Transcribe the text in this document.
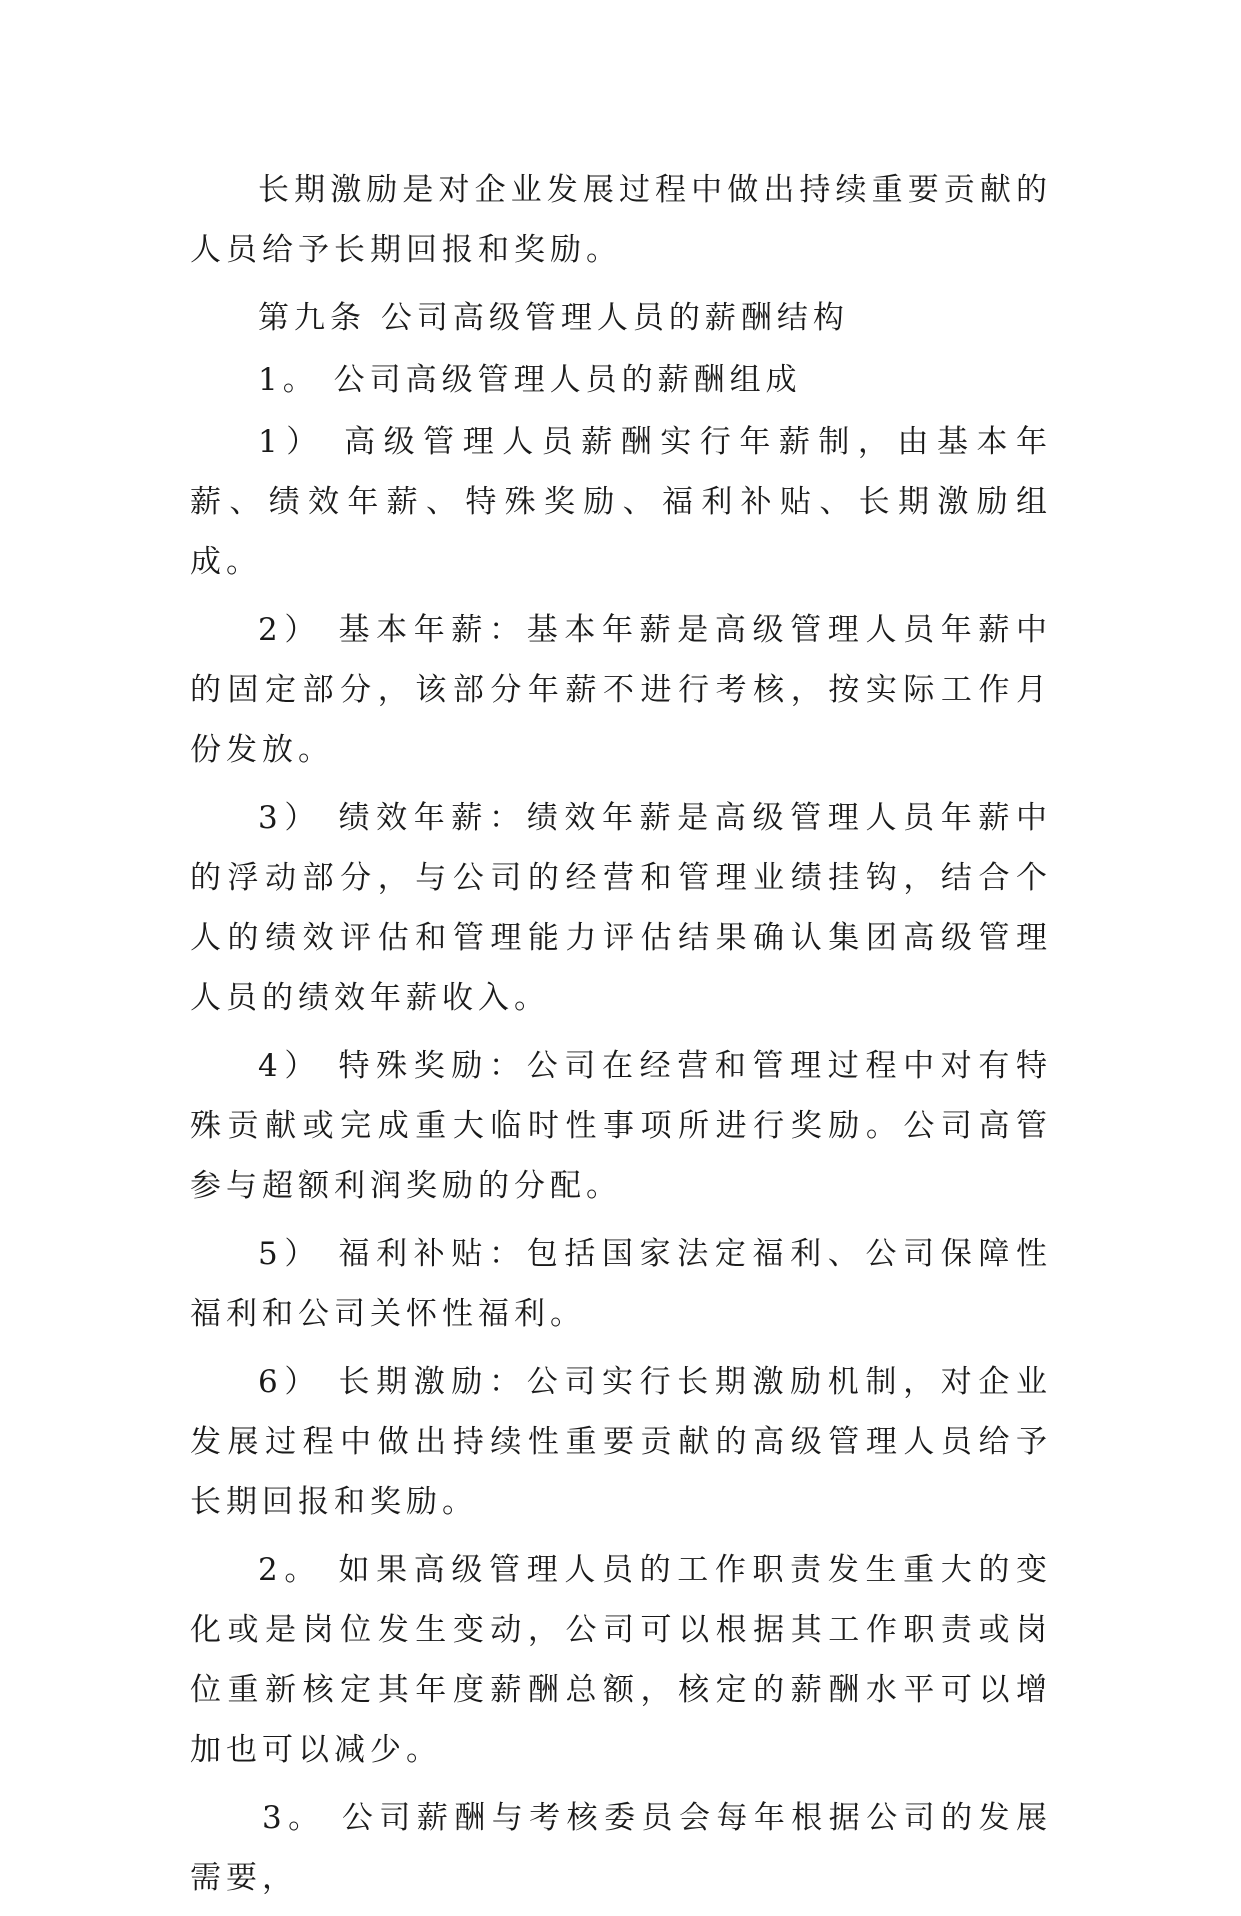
长期激励是对企业发展过程中做出持续重要贡献的人员给予长期回报和奖励。

第九条 公司高级管理人员的薪酬结构

1。 公司高级管理人员的薪酬组成

1） 高级管理人员薪酬实行年薪制，由基本年薪、绩效年薪、特殊奖励、福利补贴、长期激励组成。

2） 基本年薪：基本年薪是高级管理人员年薪中的固定部分，该部分年薪不进行考核，按实际工作月份发放。

3） 绩效年薪：绩效年薪是高级管理人员年薪中的浮动部分，与公司的经营和管理业绩挂钩，结合个人的绩效评估和管理能力评估结果确认集团高级管理人员的绩效年薪收入。

4） 特殊奖励：公司在经营和管理过程中对有特殊贡献或完成重大临时性事项所进行奖励。公司高管参与超额利润奖励的分配。

5） 福利补贴：包括国家法定福利、公司保障性福利和公司关怀性福利。

6） 长期激励：公司实行长期激励机制，对企业发展过程中做出持续性重要贡献的高级管理人员给予长期回报和奖励。

2。 如果高级管理人员的工作职责发生重大的变化或是岗位发生变动，公司可以根据其工作职责或岗位重新核定其年度薪酬总额，核定的薪酬水平可以增加也可以减少。

3。 公司薪酬与考核委员会每年根据公司的发展需要，
